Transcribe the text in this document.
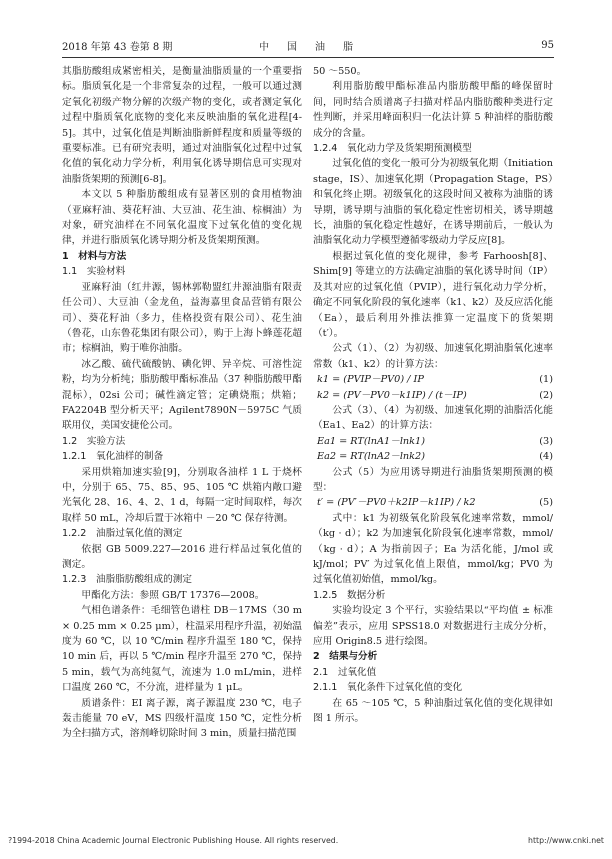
2018 年第 43 卷第 8 期	中　国　油　脂	95

其脂肪酸组成紧密相关，是衡量油脂质量的一个重要指标。脂质氧化是一个非常复杂的过程，一般可以通过测定氧化初级产物分解的次级产物的变化，或者测定氧化过程中脂质氧化底物的变化来反映油脂的氧化进程[4-5]。其中，过氧化值是判断油脂新鲜程度和质量等级的重要标准。已有研究表明，通过对油脂氧化过程中过氧化值的氧化动力学分析，利用氧化诱导期信息可实现对油脂货架期的预测[6-8]。

本文以 5 种脂肪酸组成有显著区别的食用植物油（亚麻籽油、葵花籽油、大豆油、花生油、棕榈油）为对象，研究油样在不同氧化温度下过氧化值的变化规律，并进行脂质氧化诱导期分析及货架期预测。

1　材料与方法

1.1　实验材料

亚麻籽油（红井源，锡林郭勒盟红井源油脂有限责任公司）、大豆油（金龙鱼，益海嘉里食品营销有限公司）、葵花籽油（多力，佳格投资有限公司）、花生油（鲁花，山东鲁花集团有限公司），购于上海卜蜂莲花超市；棕榈油，购于唯你油脂。

冰乙酸、硫代硫酸钠、碘化钾、异辛烷、可溶性淀粉，均为分析纯；脂肪酸甲酯标准品（37 种脂肪酸甲酯混标），02si 公司；碱性滴定管；定碘烧瓶；烘箱；FA2204B 型分析天平；Agilent7890N－5975C 气质联用仪，美国安捷伦公司。

1.2　实验方法

1.2.1　氧化油样的制备

采用烘箱加速实验[9]，分别取各油样 1 L 于烧杯中，分别于 65、75、85、95、105 ℃ 烘箱内敞口避光氧化 28、16、4、2、1 d，每隔一定时间取样，每次取样 50 mL，冷却后置于冰箱中 －20 ℃ 保存待测。

1.2.2　油脂过氧化值的测定

依据 GB 5009.227—2016 进行样品过氧化值的测定。

1.2.3　油脂脂肪酸组成的测定

甲酯化方法：参照 GB/T 17376—2008。

气相色谱条件：毛细管色谱柱 DB－17MS（30 m × 0.25 mm × 0.25 μm），柱温采用程序升温，初始温度为 60 ℃，以 10 ℃/min 程序升温至 180 ℃，保持 10 min 后，再以 5 ℃/min 程序升温至 270 ℃，保持 5 min，载气为高纯氦气，流速为 1.0 mL/min，进样口温度 260 ℃，不分流，进样量为 1 μL。

质谱条件：EI 离子源，离子源温度 230 ℃，电子轰击能量 70 eV，MS 四级杆温度 150 ℃，定性分析为全扫描方式，溶剂峰切除时间 3 min，质量扫描范围

50 ～550。

利用脂肪酸甲酯标准品内脂肪酸甲酯的峰保留时间，同时结合质谱离子扫描对样品内脂肪酸种类进行定性判断，并采用峰面积归一化法计算 5 种油样的脂肪酸成分的含量。

1.2.4　氧化动力学及货架期预测模型

过氧化值的变化一般可分为初级氧化期（Initiation stage，IS）、加速氧化期（Propagation Stage，PS）和氧化终止期。初级氧化的这段时间又被称为油脂的诱导期，诱导期与油脂的氧化稳定性密切相关，诱导期越长，油脂的氧化稳定性越好，在诱导期前后，一般认为油脂氧化动力学模型遵循零级动力学反应[8]。

根据过氧化值的变化规律，参考 Farhoosh[8]、Shim[9] 等建立的方法确定油脂的氧化诱导时间（IP）及其对应的过氧化值（PVIP），进行氧化动力学分析，确定不同氧化阶段的氧化速率（k1、k2）及反应活化能（Ea），最后利用外推法推算一定温度下的货架期（t′）。

公式（1）、（2）为初级、加速氧化期油脂氧化速率常数（k1、k2）的计算方法：

k1 = (PVIP－PV0) / IP	(1)
k2 = (PV－PV0－k1IP) / (t－IP)	(2)

公式（3）、（4）为初级、加速氧化期的油脂活化能（Ea1、Ea2）的计算方法：

Ea1 = RT(lnA1－lnk1)	(3)
Ea2 = RT(lnA2－lnk2)	(4)

公式（5）为应用诱导期进行油脂货架期预测的模型：

t′ = (PV′－PV0＋k2IP－k1IP) / k2	(5)

式中：k1 为初级氧化阶段氧化速率常数，mmol/（kg · d）；k2 为加速氧化阶段氧化速率常数，mmol/（kg · d）；A 为指前因子；Ea 为活化能，J/mol 或 kJ/mol；PV′ 为过氧化值上限值，mmol/kg；PV0 为过氧化值初始值，mmol/kg。

1.2.5　数据分析

实验均设定 3 个平行，实验结果以“平均值 ± 标准偏差”表示，应用 SPSS18.0 对数据进行主成分分析，应用 Origin8.5 进行绘图。

2　结果与分析

2.1　过氧化值

2.1.1　氧化条件下过氧化值的变化

在 65 ～105 ℃，5 种油脂过氧化值的变化规律如图 1 所示。

?1994-2018 China Academic Journal Electronic Publishing House. All rights reserved.	http://www.cnki.net
